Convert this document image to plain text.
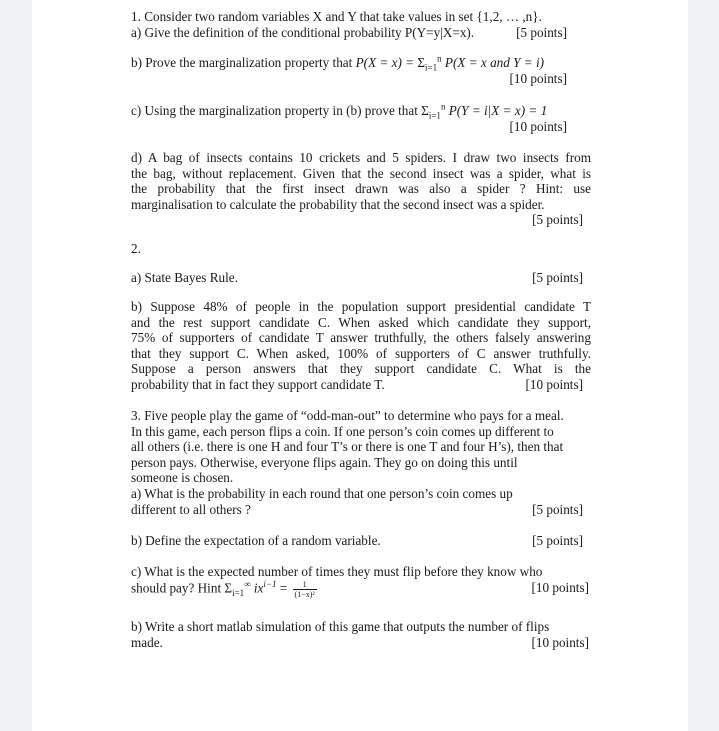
1. Consider two random variables X and Y that take values in set {1,2, … ,n}.
a) Give the definition of the conditional probability P(Y=y|X=x).	[5 points]
b) Prove the marginalization property that $P(X = x) = \Sigma_{i=1}^n$ P(X = x and Y = i)
[10 points]
c) Using the marginalization property in (b) prove that $\Sigma_{i=1}^n$ P(Y = i|X = x) = 1
[10 points]
d) A bag of insects contains 10 crickets and 5 spiders. I draw two insects from
the bag, without replacement. Given that the second insect was a spider, what is
the probability that the first insect drawn was also a spider ? Hint: use
marginalisation to calculate the probability that the second insect was a spider.
[5 points]
2.
a) State Bayes Rule.	[5 points]
b) Suppose 48% of people in the population support presidential candidate T
and the rest support candidate C. When asked which candidate they support,
75% of supporters of candidate T answer truthfully, the others falsely answering
that they support C. When asked, 100% of supporters of C answer truthfully.
Suppose a person answers that they support candidate C. What is the
probability that in fact they support candidate T.	[10 points]
3. Five people play the game of “odd-man-out” to determine who pays for a meal.
In this game, each person flips a coin. If one person’s coin comes up different to
all others (i.e. there is one H and four T’s or there is one T and four H’s), then that
person pays. Otherwise, everyone flips again. They go on doing this until
someone is chosen.
a) What is the probability in each round that one person’s coin comes up
different to all others ?	[5 points]
b) Define the expectation of a random variable.	[5 points]
c) What is the expected number of times they must flip before they know who
should pay? Hint $\Sigma_{i=1}^\infty$ $ix^{i-1} = \frac{1}{\text{(1−x)²}}$	[10 points]
b) Write a short matlab simulation of this game that outputs the number of flips
made.	[10 points]
